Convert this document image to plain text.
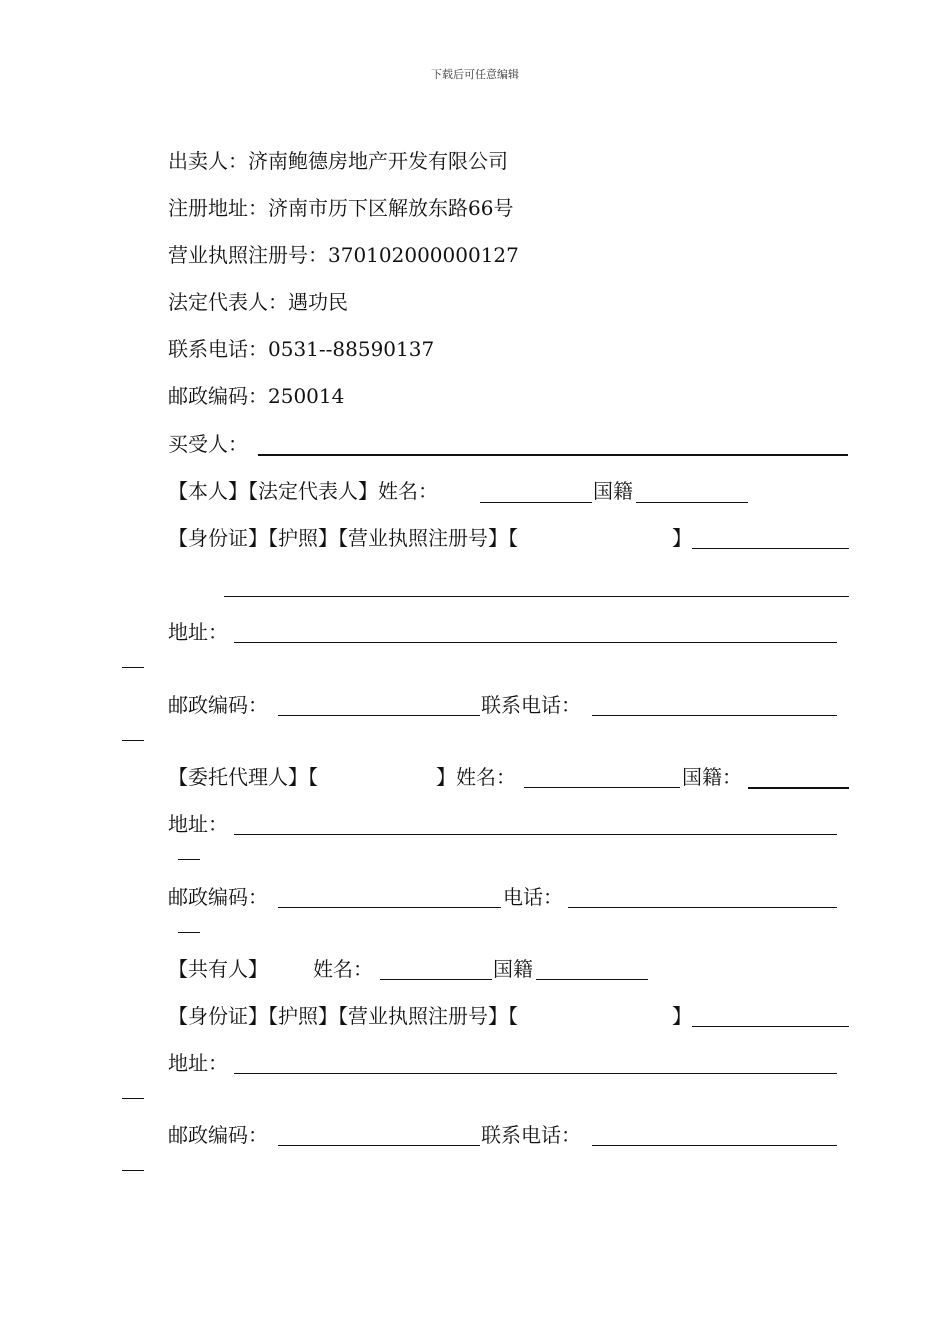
下载后可任意编辑
出卖人：济南鲍德房地产开发有限公司
注册地址：济南市历下区解放东路66号
营业执照注册号：370102000000127
法定代表人：遇功民
联系电话：0531--88590137
邮政编码：250014
买受人：
【本人】【法定代表人】姓名：	国籍
【身份证】【护照】【营业执照注册号】【	】
地址：
邮政编码：	联系电话：
【委托代理人】【	】姓名：	国籍：
地址：
邮政编码：	电话：
【共有人】 姓名：	国籍
【身份证】【护照】【营业执照注册号】【	】
地址：
邮政编码：	联系电话：
